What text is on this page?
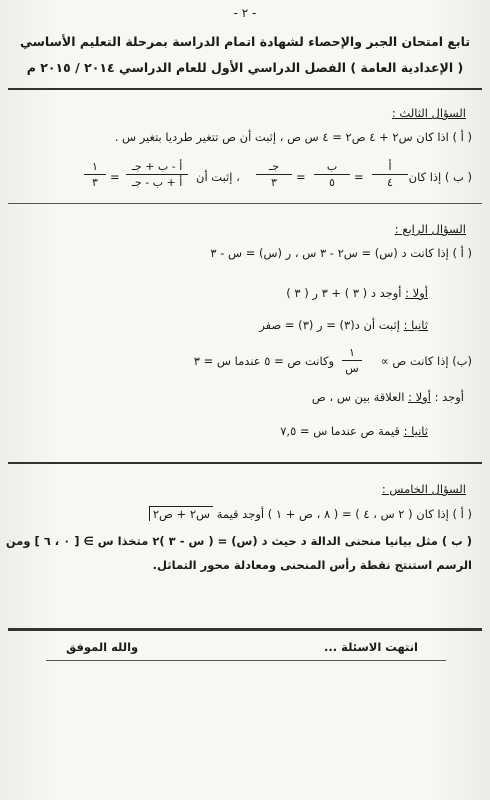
- ٢ -
تابع امتحان الجبر والإحصاء لشهادة اتمام الدراسة بمرحلة التعليم الأساسي
( الإعدادية العامة ) الفصل الدراسي الأول للعام الدراسي ٢٠١٤ / ٢٠١٥ م
السؤال الثالث :
( أ ) اذا كان س٢ + ٤ ص٢ = ٤ س ص ، إثبت أن ص تتغير طرديا بتغير س .
( ب ) إذا كان
أ
٤
=
ب
٥
=
جـ
٣
، إثبت أن
أ - ب + جـ
أ + ب - جـ
=
١
٣
السؤال الرابع :
( أ ) إذا كانت د (س) = س٢ - ٣ س ، ر (س) = س - ٣
أولا : أوجد د ( ٣ ) + ٣ ر ( ٣ )
ثانيا : إثبت أن د(٣) = ر (٣) = صفر
(ب) إذا كانت ص ∝
١
س
وكانت ص = ٥ عندما س = ٣
أوجد : أولا : العلاقة بين س ، ص
ثانيا : قيمة ص عندما س = ٧,٥
السؤال الخامس :
( أ ) إذا كان ( ٢ س ، ٤ ) = ( ٨ ، ص + ١ ) أوجد قيمة س٢ + ص٢
( ب ) مثل بيانيا منحنى الدالة د حيث د (س) = ( س - ٣ )٢ متخذا س ∋ [ ٠ ، ٦ ] ومن
الرسم استنتج نقطة رأس المنحنى ومعادلة محور التماثل.
انتهت الاسئلة ...
والله الموفق
